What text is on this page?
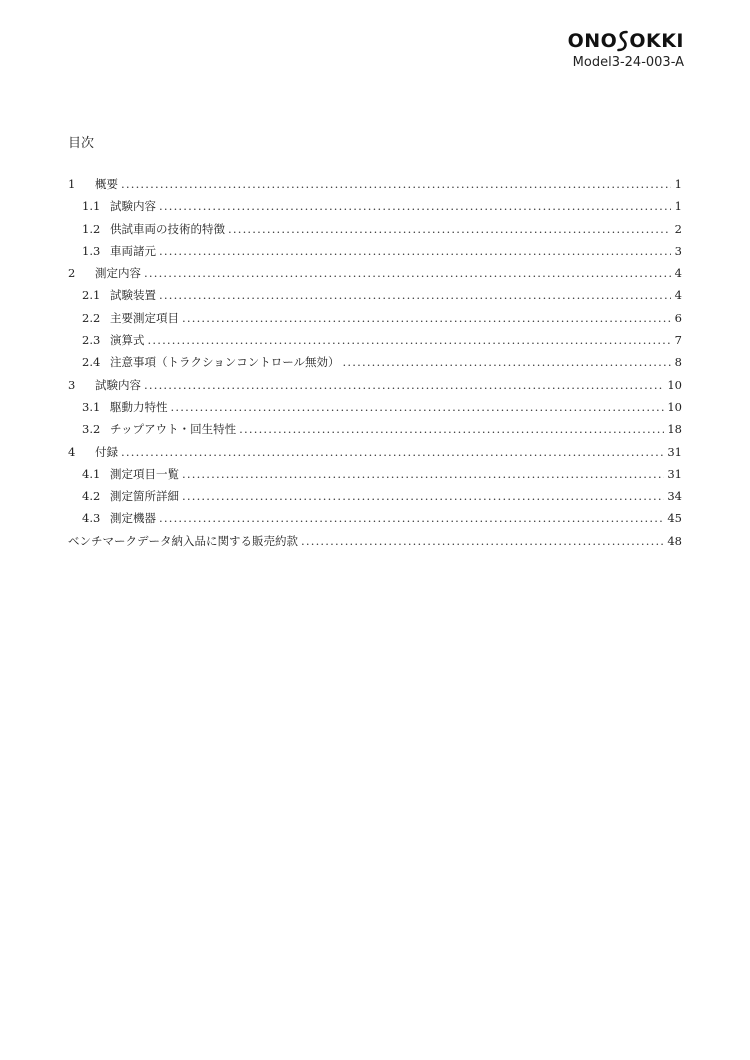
ONO OKKI
Model3-24-003-A
目次
1	概要 .....	1
1.1 試験内容 .....	1
1.2 供試車両の技術的特徴 .....	2
1.3 車両諸元 .....	3
2	測定内容 .....	4
2.1 試験装置 .....	4
2.2 主要測定項目 .....	6
2.3 演算式 .....	7
2.4 注意事項（トラクションコントロール無効） .....	8
3	試験内容 .....	10
3.1 駆動力特性 .....	10
3.2 チップアウト・回生特性 .....	18
4	付録 .....	31
4.1 測定項目一覧 .....	31
4.2 測定箇所詳細 .....	34
4.3 測定機器 .....	45
ベンチマークデータ納入品に関する販売約款 .....	48
